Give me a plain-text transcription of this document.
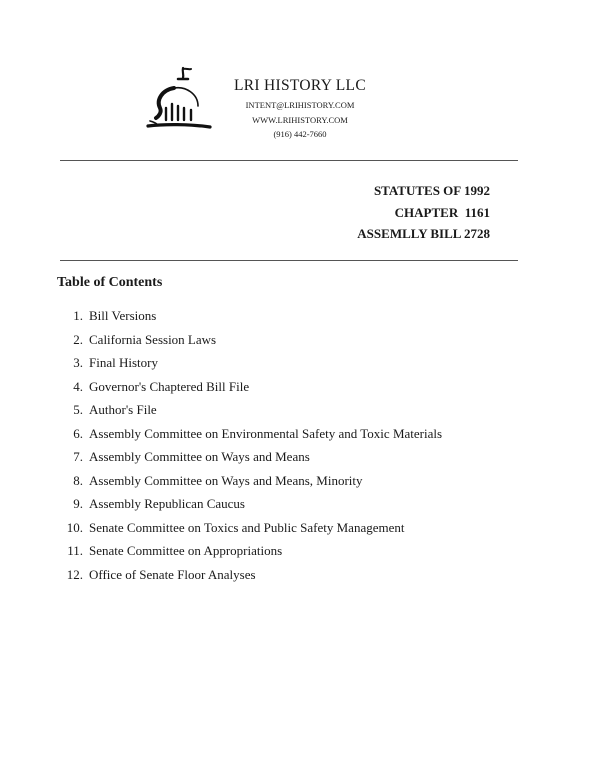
LRI HISTORY LLC
INTENT@LRIHISTORY.COM
WWW.LRIHISTORY.COM
(916) 442-7660
STATUTES OF 1992
CHAPTER  1161
ASSEMLLY BILL 2728
Table of Contents
1. Bill Versions
2. California Session Laws
3. Final History
4. Governor's Chaptered Bill File
5. Author's File
6. Assembly Committee on Environmental Safety and Toxic Materials
7. Assembly Committee on Ways and Means
8. Assembly Committee on Ways and Means, Minority
9. Assembly Republican Caucus
10. Senate Committee on Toxics and Public Safety Management
11. Senate Committee on Appropriations
12. Office of Senate Floor Analyses
